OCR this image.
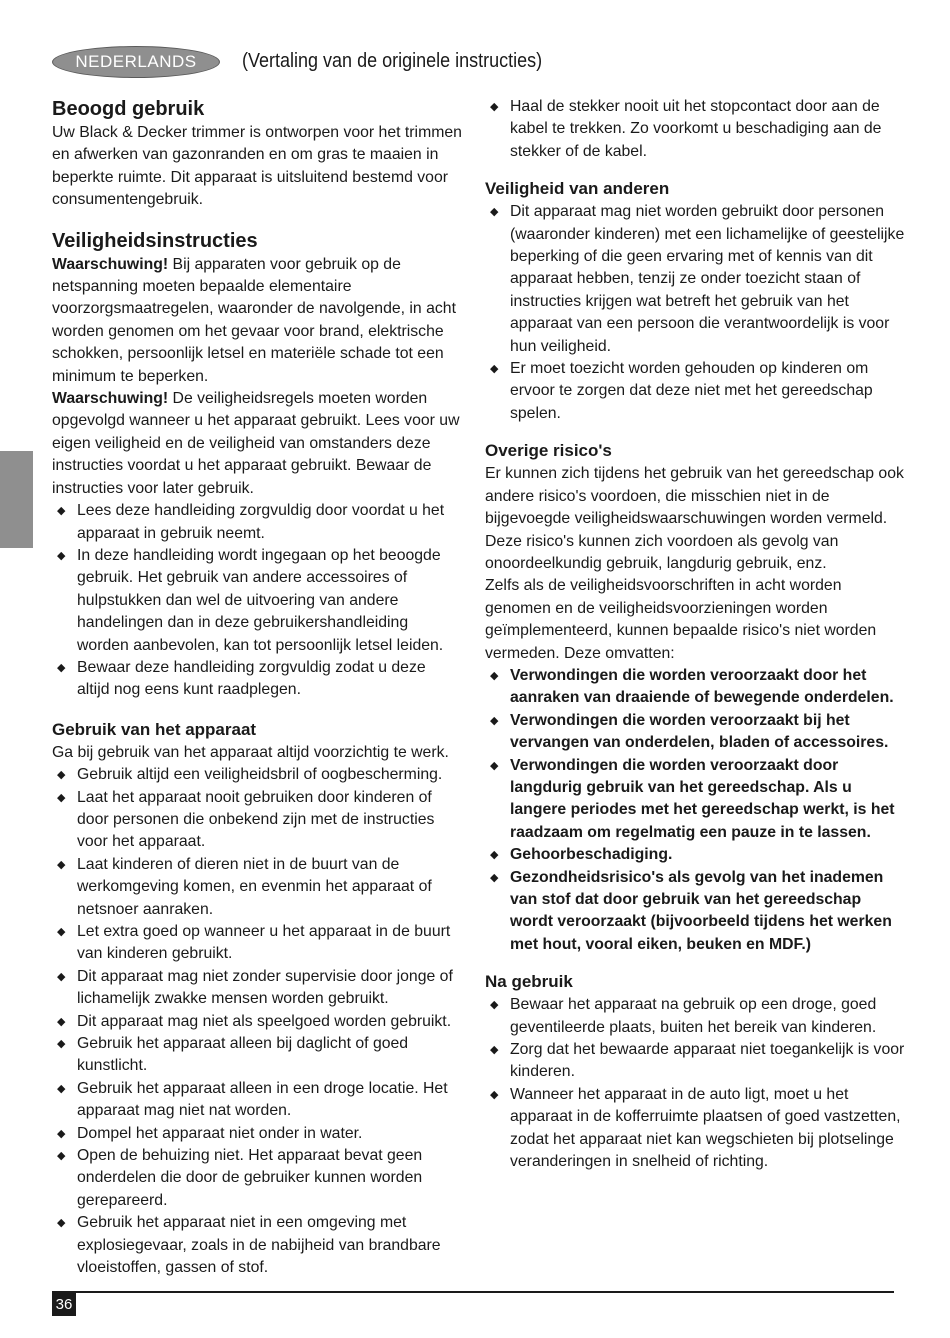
NEDERLANDS	(Vertaling van de originele instructies)
Beoogd gebruik

Uw Black & Decker trimmer is ontworpen voor het trimmen en afwerken van gazonranden en om gras te maaien in beperkte ruimte. Dit apparaat is uitsluitend bestemd voor consumentengebruik.

Veiligheidsinstructies

Waarschuwing! Bij apparaten voor gebruik op de netspanning moeten bepaalde elementaire voorzorgsmaatregelen, waaronder de navolgende, in acht worden genomen om het gevaar voor brand, elektrische schokken, persoonlijk letsel en materiële schade tot een minimum te beperken.

Waarschuwing! De veiligheidsregels moeten worden opgevolgd wanneer u het apparaat gebruikt. Lees voor uw eigen veiligheid en de veiligheid van omstanders deze instructies voordat u het apparaat gebruikt. Bewaar de instructies voor later gebruik.

◆ Lees deze handleiding zorgvuldig door voordat u het apparaat in gebruik neemt.
◆ In deze handleiding wordt ingegaan op het beoogde gebruik. Het gebruik van andere accessoires of hulpstukken dan wel de uitvoering van andere handelingen dan in deze gebruikershandleiding worden aanbevolen, kan tot persoonlijk letsel leiden.
◆ Bewaar deze handleiding zorgvuldig zodat u deze altijd nog eens kunt raadplegen.
Gebruik van het apparaat

Ga bij gebruik van het apparaat altijd voorzichtig te werk.

◆ Gebruik altijd een veiligheidsbril of oogbescherming.
◆ Laat het apparaat nooit gebruiken door kinderen of door personen die onbekend zijn met de instructies voor het apparaat.
◆ Laat kinderen of dieren niet in de buurt van de werkomgeving komen, en evenmin het apparaat of netsnoer aanraken.
◆ Let extra goed op wanneer u het apparaat in de buurt van kinderen gebruikt.
◆ Dit apparaat mag niet zonder supervisie door jonge of lichamelijk zwakke mensen worden gebruikt.
◆ Dit apparaat mag niet als speelgoed worden gebruikt.
◆ Gebruik het apparaat alleen bij daglicht of goed kunstlicht.
◆ Gebruik het apparaat alleen in een droge locatie. Het apparaat mag niet nat worden.
◆ Dompel het apparaat niet onder in water.
◆ Open de behuizing niet. Het apparaat bevat geen onderdelen die door de gebruiker kunnen worden gerepareerd.
◆ Gebruik het apparaat niet in een omgeving met explosiegevaar, zoals in de nabijheid van brandbare vloeistoffen, gassen of stof.
◆ Haal de stekker nooit uit het stopcontact door aan de kabel te trekken. Zo voorkomt u beschadiging aan de stekker of de kabel.
Veiligheid van anderen
◆ Dit apparaat mag niet worden gebruikt door personen (waaronder kinderen) met een lichamelijke of geestelijke beperking of die geen ervaring met of kennis van dit apparaat hebben, tenzij ze onder toezicht staan of instructies krijgen wat betreft het gebruik van het apparaat van een persoon die verantwoordelijk is voor hun veiligheid.
◆ Er moet toezicht worden gehouden op kinderen om ervoor te zorgen dat deze niet met het gereedschap spelen.
Overige risico's

Er kunnen zich tijdens het gebruik van het gereedschap ook andere risico's voordoen, die misschien niet in de bijgevoegde veiligheidswaarschuwingen worden vermeld. Deze risico's kunnen zich voordoen als gevolg van onoordeelkundig gebruik, langdurig gebruik, enz.

Zelfs als de veiligheidsvoorschriften in acht worden genomen en de veiligheidsvoorzieningen worden geïmplementeerd, kunnen bepaalde risico's niet worden vermeden. Deze omvatten:

◆ Verwondingen die worden veroorzaakt door het aanraken van draaiende of bewegende onderdelen.
◆ Verwondingen die worden veroorzaakt bij het vervangen van onderdelen, bladen of accessoires.
◆ Verwondingen die worden veroorzaakt door langdurig gebruik van het gereedschap. Als u langere periodes met het gereedschap werkt, is het raadzaam om regelmatig een pauze in te lassen.
◆ Gehoorbeschadiging.
◆ Gezondheidsrisico's als gevolg van het inademen van stof dat door gebruik van het gereedschap wordt veroorzaakt (bijvoorbeeld tijdens het werken met hout, vooral eiken, beuken en MDF.)
Na gebruik
◆ Bewaar het apparaat na gebruik op een droge, goed geventileerde plaats, buiten het bereik van kinderen.
◆ Zorg dat het bewaarde apparaat niet toegankelijk is voor kinderen.
◆ Wanneer het apparaat in de auto ligt, moet u het apparaat in de kofferruimte plaatsen of goed vastzetten, zodat het apparaat niet kan wegschieten bij plotselinge veranderingen in snelheid of richting.
36
